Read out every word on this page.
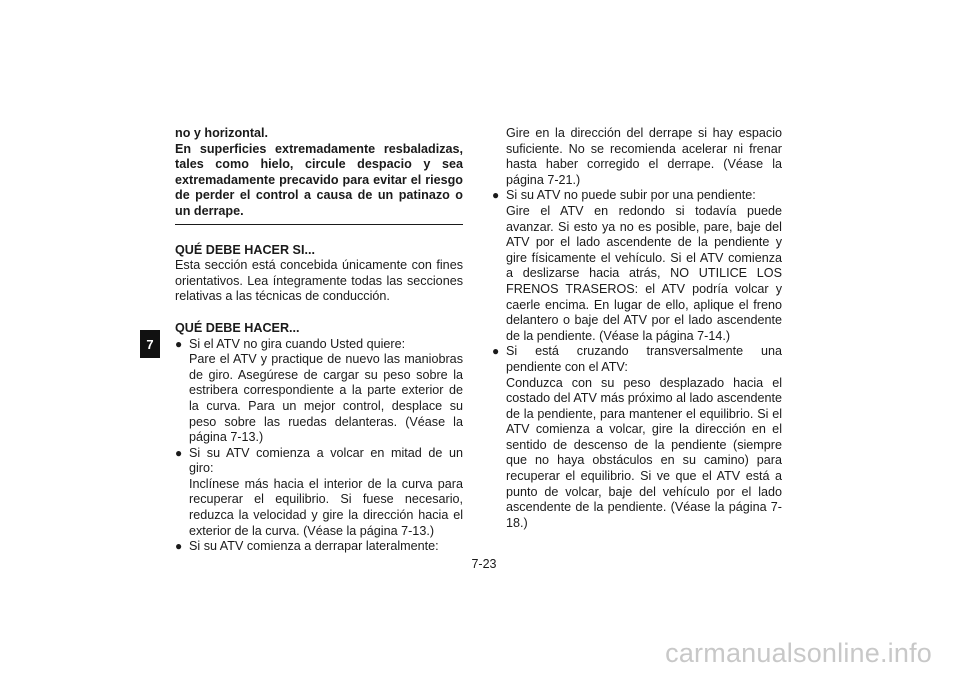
7

no y horizontal.

En superficies extremadamente resbaladizas, tales como hielo, circule despacio y sea extremadamente precavido para evitar el riesgo de perder el control a causa de un patinazo o un derrape.

QUÉ DEBE HACER SI...

Esta sección está concebida únicamente con fines orientativos. Lea íntegramente todas las secciones relativas a las técnicas de conducción.

QUÉ DEBE HACER...

● Si el ATV no gira cuando Usted quiere:
Pare el ATV y practique de nuevo las maniobras de giro. Asegúrese de cargar su peso sobre la estribera correspondiente a la parte exterior de la curva. Para un mejor control, desplace su peso sobre las ruedas delanteras. (Véase la página 7-13.)
● Si su ATV comienza a volcar en mitad de un giro:
Inclínese más hacia el interior de la curva para recuperar el equilibrio. Si fuese necesario, reduzca la velocidad y gire la dirección hacia el exterior de la curva. (Véase la página 7-13.)
● Si su ATV comienza a derrapar lateralmente:

Gire en la dirección del derrape si hay espacio suficiente. No se recomienda acelerar ni frenar hasta haber corregido el derrape. (Véase la página 7-21.)

● Si su ATV no puede subir por una pendiente:
Gire el ATV en redondo si todavía puede avanzar. Si esto ya no es posible, pare, baje del ATV por el lado ascendente de la pendiente y gire físicamente el vehículo. Si el ATV comienza a deslizarse hacia atrás, NO UTILICE LOS FRENOS TRASEROS: el ATV podría volcar y caerle encima. En lugar de ello, aplique el freno delantero o baje del ATV por el lado ascendente de la pendiente. (Véase la página 7-14.)
● Si está cruzando transversalmente una pendiente con el ATV:
Conduzca con su peso desplazado hacia el costado del ATV más próximo al lado ascendente de la pendiente, para mantener el equilibrio. Si el ATV comienza a volcar, gire la dirección en el sentido de descenso de la pendiente (siempre que no haya obstáculos en su camino) para recuperar el equilibrio. Si ve que el ATV está a punto de volcar, baje del vehículo por el lado ascendente de la pendiente. (Véase la página 7-18.)
7-23
carmanualsonline.info
